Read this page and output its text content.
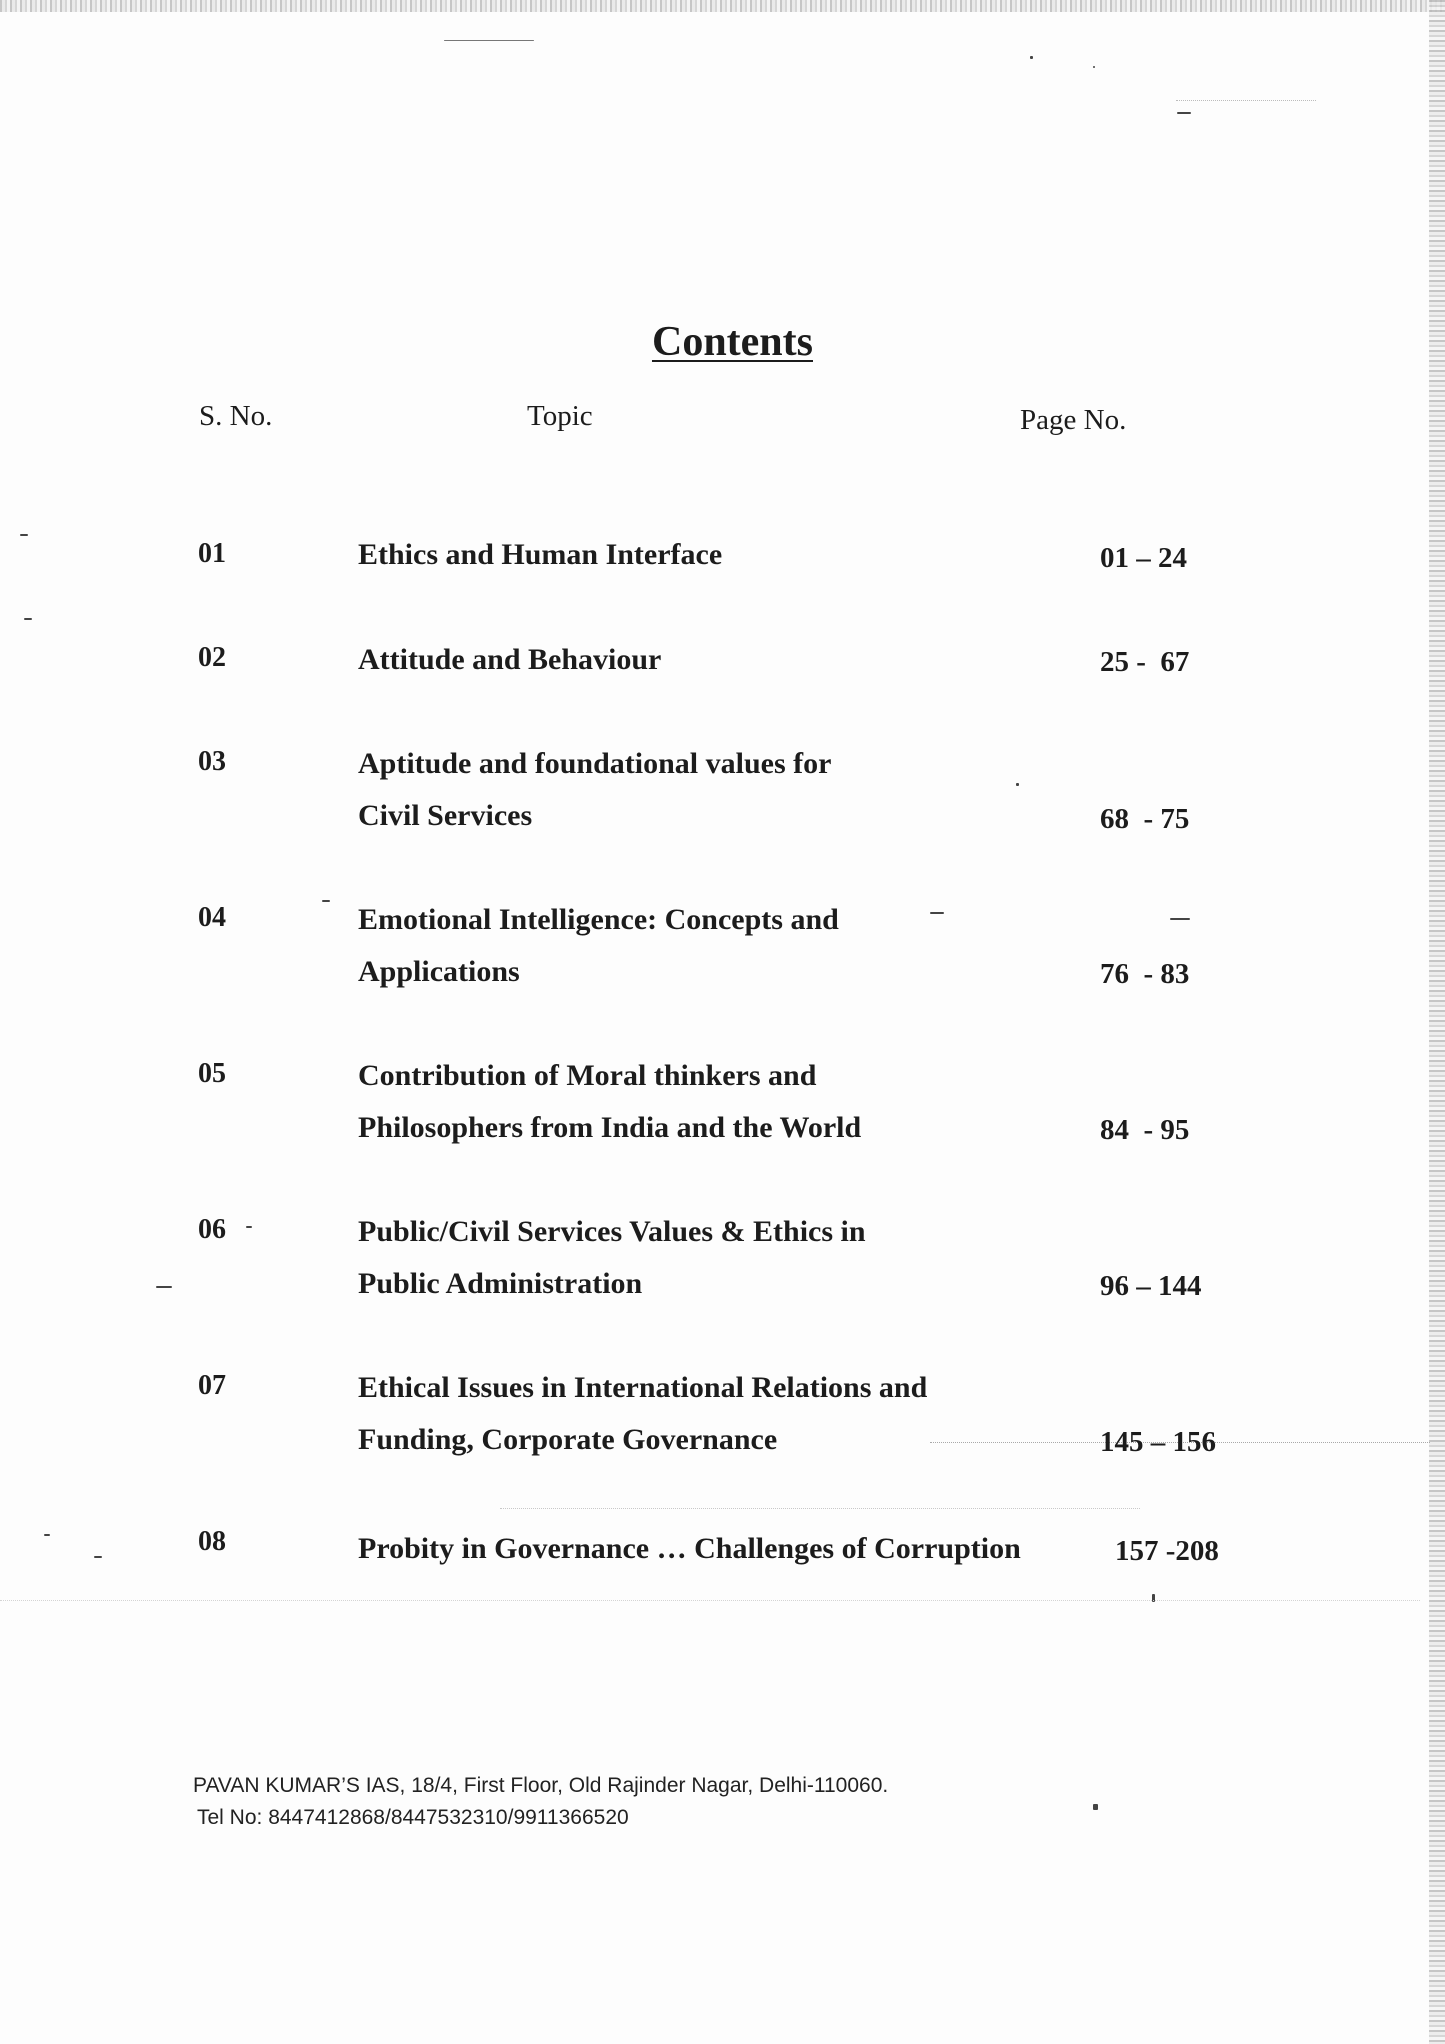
Contents
S. No.	Topic	Page No.
01	Ethics and Human Interface	01 – 24
02	Attitude and Behaviour	25 -  67
03	Aptitude and foundational values for
Civil Services	68  - 75
04	Emotional Intelligence: Concepts and
Applications	76  - 83
05	Contribution of Moral thinkers and
Philosophers from India and the World	84  - 95
06	Public/Civil Services Values & Ethics in
Public Administration	96 – 144
07	Ethical Issues in International Relations and
Funding, Corporate Governance	145 – 156
08	Probity in Governance … Challenges of Corruption	157 -208
PAVAN KUMAR’S IAS, 18/4, First Floor, Old Rajinder Nagar, Delhi-110060.
Tel No: 8447412868/8447532310/9911366520
